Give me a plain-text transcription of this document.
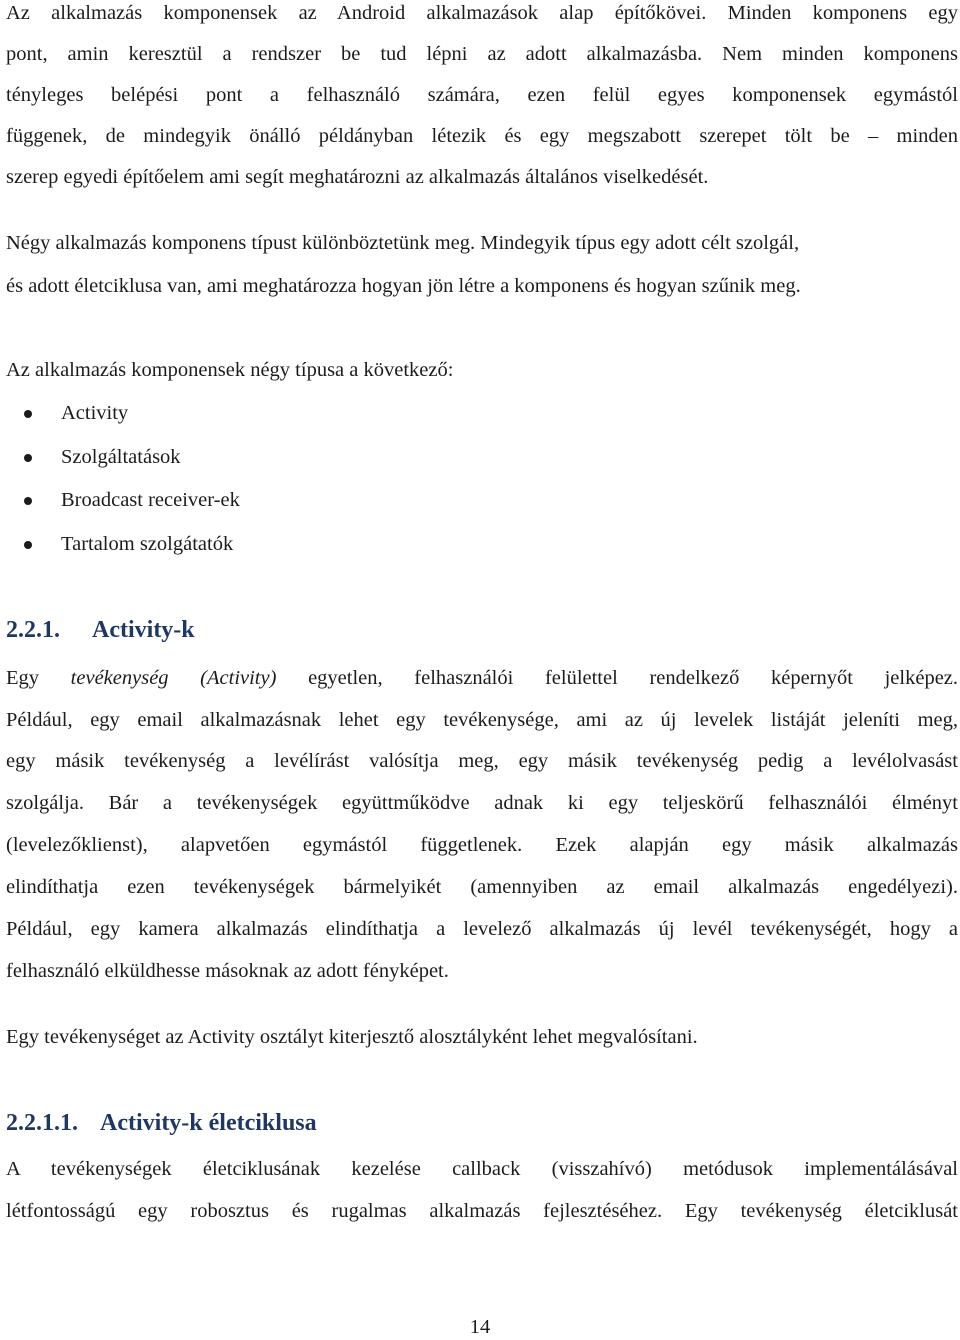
Az alkalmazás komponensek az Android alkalmazások alap építőkövei. Minden komponens egy
pont, amin keresztül a rendszer be tud lépni az adott alkalmazásba. Nem minden komponens
tényleges belépési pont a felhasználó számára, ezen felül egyes komponensek egymástól
függenek, de mindegyik önálló példányban létezik és egy megszabott szerepet tölt be – minden
szerep egyedi építőelem ami segít meghatározni az alkalmazás általános viselkedését.
Négy alkalmazás komponens típust különböztetünk meg. Mindegyik típus egy adott célt szolgál,
és adott életciklusa van, ami meghatározza hogyan jön létre a komponens és hogyan szűnik meg.
Az alkalmazás komponensek négy típusa a következő:
Activity
Szolgáltatások
Broadcast receiver-ek
Tartalom szolgátatók
2.2.1. Activity-k
Egy tevékenység (Activity) egyetlen, felhasználói felülettel rendelkező képernyőt jelképez.
Például, egy email alkalmazásnak lehet egy tevékenysége, ami az új levelek listáját jeleníti meg,
egy másik tevékenység a levélírást valósítja meg, egy másik tevékenység pedig a levélolvasást
szolgálja. Bár a tevékenységek együttműködve adnak ki egy teljeskörű felhasználói élményt
(levelezőklienst), alapvetően egymástól függetlenek. Ezek alapján egy másik alkalmazás
elindíthatja ezen tevékenységek bármelyikét (amennyiben az email alkalmazás engedélyezi).
Például, egy kamera alkalmazás elindíthatja a levelező alkalmazás új levél tevékenységét, hogy a
felhasználó elküldhesse másoknak az adott fényképet.
Egy tevékenységet az Activity osztályt kiterjesztő alosztályként lehet megvalósítani.
2.2.1.1. Activity-k életciklusa
A tevékenységek életciklusának kezelése callback (visszahívó) metódusok implementálásával
létfontosságú egy robosztus és rugalmas alkalmazás fejlesztéséhez. Egy tevékenység életciklusát
14
